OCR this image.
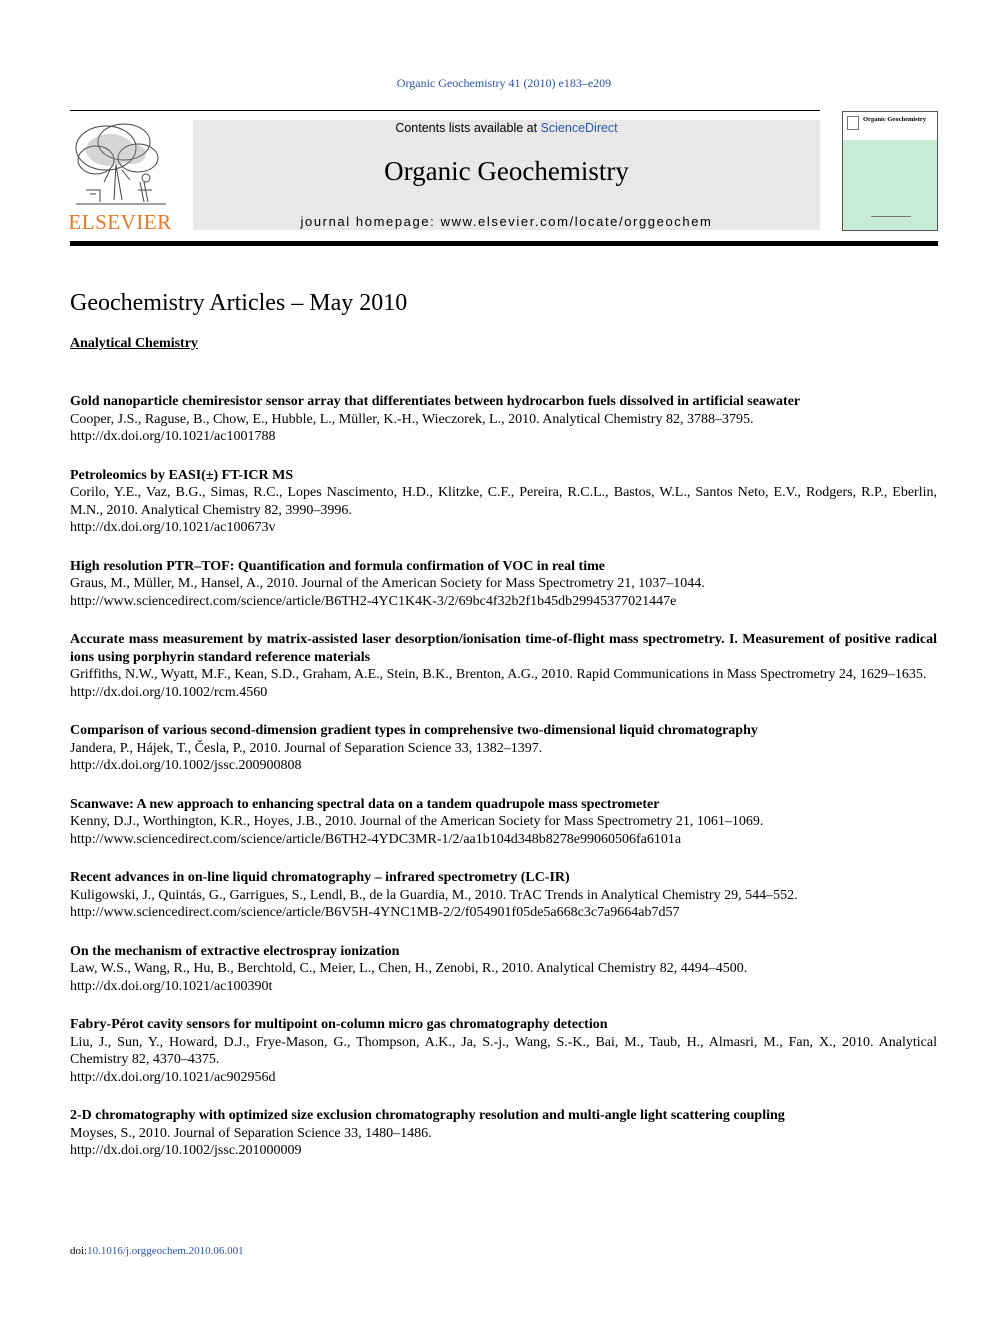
Organic Geochemistry 41 (2010) e183–e209
ELSEVIER
Contents lists available at ScienceDirect
Organic Geochemistry
journal homepage: www.elsevier.com/locate/orggeochem
Organic Geochemistry
Geochemistry Articles – May 2010
Analytical Chemistry
Gold nanoparticle chemiresistor sensor array that differentiates between hydrocarbon fuels dissolved in artificial seawater
Cooper, J.S., Raguse, B., Chow, E., Hubble, L., Müller, K.-H., Wieczorek, L., 2010. Analytical Chemistry 82, 3788–3795.
http://dx.doi.org/10.1021/ac1001788
Petroleomics by EASI(±) FT-ICR MS
Corilo, Y.E., Vaz, B.G., Simas, R.C., Lopes Nascimento, H.D., Klitzke, C.F., Pereira, R.C.L., Bastos, W.L., Santos Neto, E.V., Rodgers, R.P., Eberlin, M.N., 2010. Analytical Chemistry 82, 3990–3996.
http://dx.doi.org/10.1021/ac100673v
High resolution PTR–TOF: Quantification and formula confirmation of VOC in real time
Graus, M., Müller, M., Hansel, A., 2010. Journal of the American Society for Mass Spectrometry 21, 1037–1044.
http://www.sciencedirect.com/science/article/B6TH2-4YC1K4K-3/2/69bc4f32b2f1b45db29945377021447e
Accurate mass measurement by matrix-assisted laser desorption/ionisation time-of-flight mass spectrometry. I. Measurement of positive radical ions using porphyrin standard reference materials
Griffiths, N.W., Wyatt, M.F., Kean, S.D., Graham, A.E., Stein, B.K., Brenton, A.G., 2010. Rapid Communications in Mass Spectrometry 24, 1629–1635.
http://dx.doi.org/10.1002/rcm.4560
Comparison of various second-dimension gradient types in comprehensive two-dimensional liquid chromatography
Jandera, P., Hájek, T., Česla, P., 2010. Journal of Separation Science 33, 1382–1397.
http://dx.doi.org/10.1002/jssc.200900808
Scanwave: A new approach to enhancing spectral data on a tandem quadrupole mass spectrometer
Kenny, D.J., Worthington, K.R., Hoyes, J.B., 2010. Journal of the American Society for Mass Spectrometry 21, 1061–1069.
http://www.sciencedirect.com/science/article/B6TH2-4YDC3MR-1/2/aa1b104d348b8278e99060506fa6101a
Recent advances in on-line liquid chromatography – infrared spectrometry (LC-IR)
Kuligowski, J., Quintás, G., Garrigues, S., Lendl, B., de la Guardia, M., 2010. TrAC Trends in Analytical Chemistry 29, 544–552.
http://www.sciencedirect.com/science/article/B6V5H-4YNC1MB-2/2/f054901f05de5a668c3c7a9664ab7d57
On the mechanism of extractive electrospray ionization
Law, W.S., Wang, R., Hu, B., Berchtold, C., Meier, L., Chen, H., Zenobi, R., 2010. Analytical Chemistry 82, 4494–4500.
http://dx.doi.org/10.1021/ac100390t
Fabry-Pérot cavity sensors for multipoint on-column micro gas chromatography detection
Liu, J., Sun, Y., Howard, D.J., Frye-Mason, G., Thompson, A.K., Ja, S.-j., Wang, S.-K., Bai, M., Taub, H., Almasri, M., Fan, X., 2010. Analytical Chemistry 82, 4370–4375.
http://dx.doi.org/10.1021/ac902956d
2-D chromatography with optimized size exclusion chromatography resolution and multi-angle light scattering coupling
Moyses, S., 2010. Journal of Separation Science 33, 1480–1486.
http://dx.doi.org/10.1002/jssc.201000009
doi:10.1016/j.orggeochem.2010.06.001
